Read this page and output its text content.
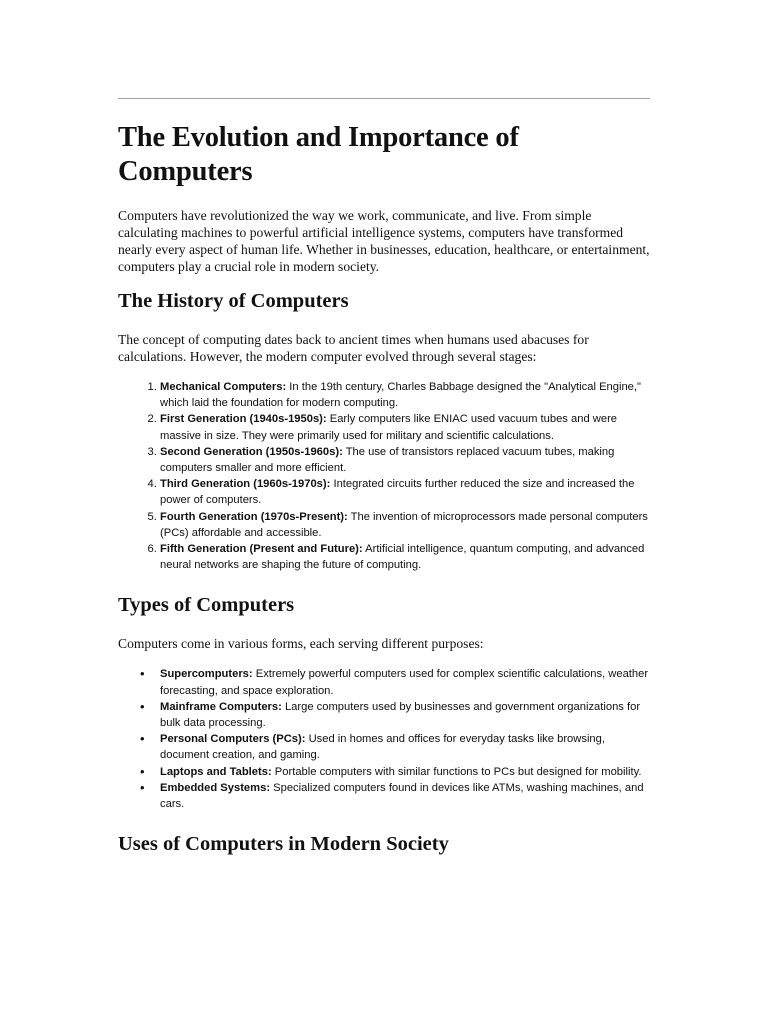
The Evolution and Importance of Computers

Computers have revolutionized the way we work, communicate, and live. From simple calculating machines to powerful artificial intelligence systems, computers have transformed nearly every aspect of human life. Whether in businesses, education, healthcare, or entertainment, computers play a crucial role in modern society.

The History of Computers

The concept of computing dates back to ancient times when humans used abacuses for calculations. However, the modern computer evolved through several stages:

1. Mechanical Computers: In the 19th century, Charles Babbage designed the "Analytical Engine," which laid the foundation for modern computing.
2. First Generation (1940s-1950s): Early computers like ENIAC used vacuum tubes and were massive in size. They were primarily used for military and scientific calculations.
3. Second Generation (1950s-1960s): The use of transistors replaced vacuum tubes, making computers smaller and more efficient.
4. Third Generation (1960s-1970s): Integrated circuits further reduced the size and increased the power of computers.
5. Fourth Generation (1970s-Present): The invention of microprocessors made personal computers (PCs) affordable and accessible.
6. Fifth Generation (Present and Future): Artificial intelligence, quantum computing, and advanced neural networks are shaping the future of computing.
Types of Computers

Computers come in various forms, each serving different purposes:

• Supercomputers: Extremely powerful computers used for complex scientific calculations, weather forecasting, and space exploration.
• Mainframe Computers: Large computers used by businesses and government organizations for bulk data processing.
• Personal Computers (PCs): Used in homes and offices for everyday tasks like browsing, document creation, and gaming.
• Laptops and Tablets: Portable computers with similar functions to PCs but designed for mobility.
• Embedded Systems: Specialized computers found in devices like ATMs, washing machines, and cars.
Uses of Computers in Modern Society
